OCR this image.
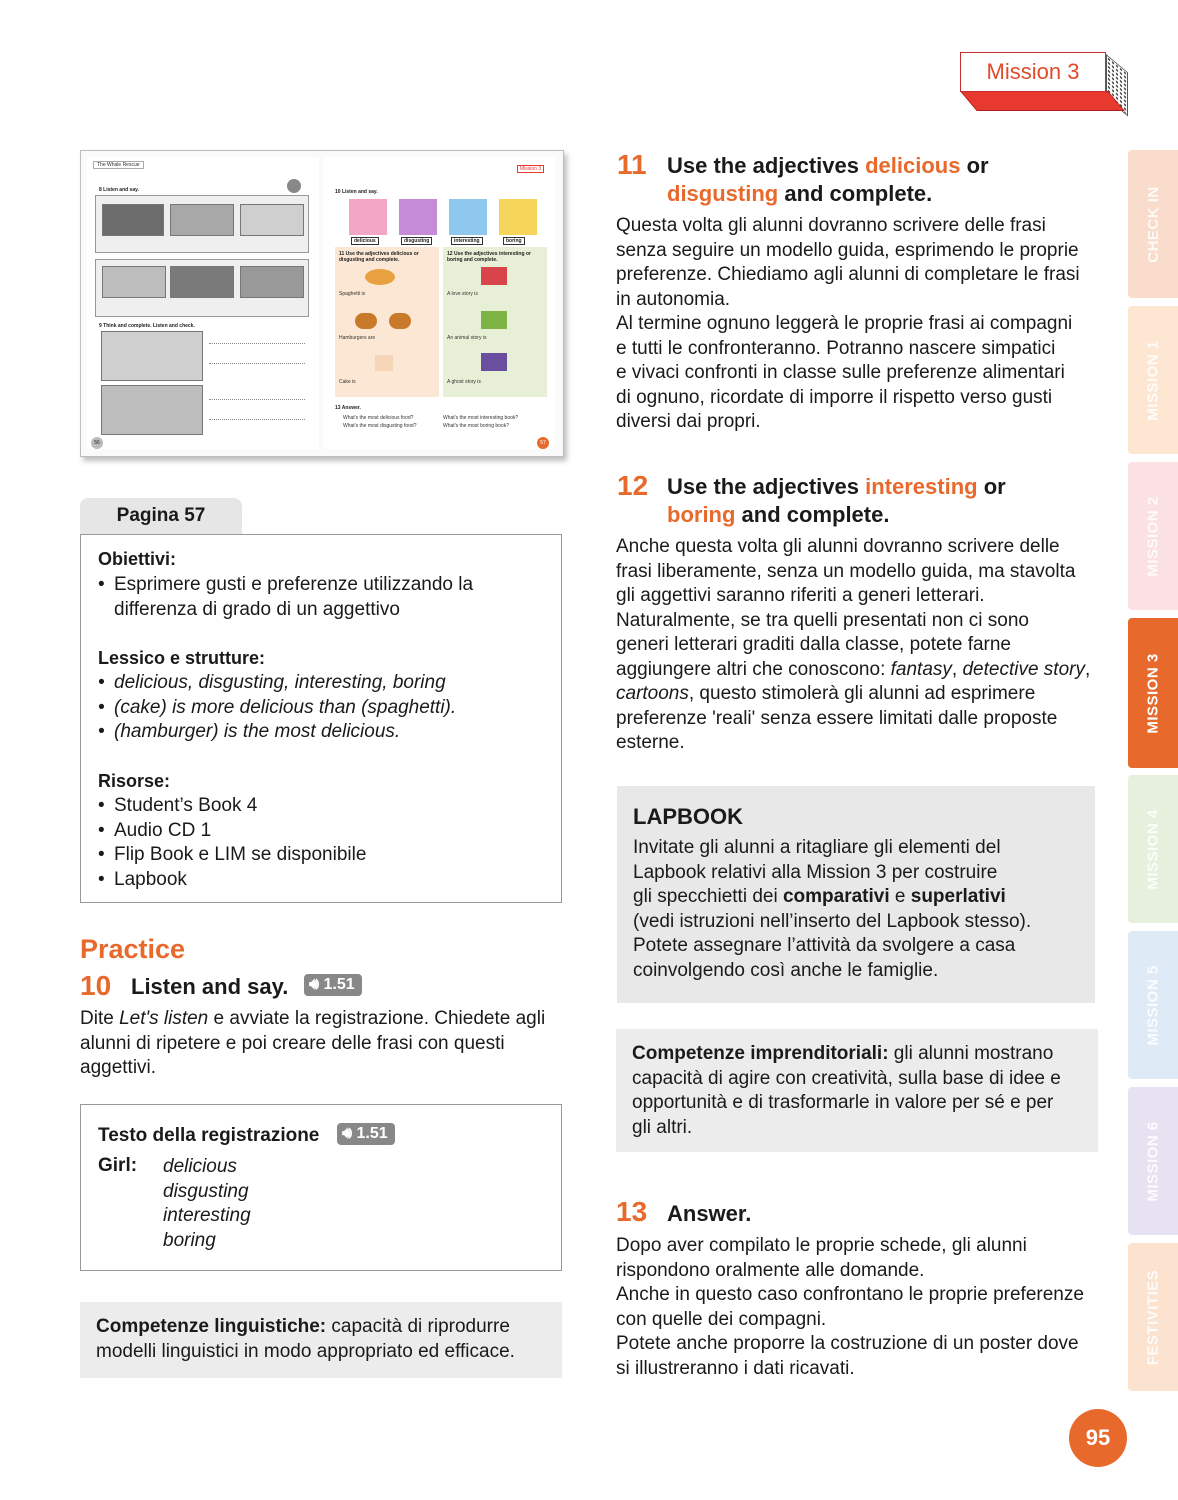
Mission 3
CHECK IN
MISSION 1
MISSION 2
MISSION 3
MISSION 4
MISSION 5
MISSION 6
FESTIVITIES
The Whale Rescue
8 Listen and say.
9 Think and complete. Listen and check.
56
Mission 3
10 Listen and say.
delicious	disgusting	interesting	boring
11 Use the adjectives delicious or disgusting and complete.
Spaghetti is
Hamburgers are
Cake is
12 Use the adjectives interesting or boring and complete.
A love story is
An animal story is
A ghost story is
13 Answer.
What's the most delicious food?
What's the most disgusting food?
What's the most interesting book?
What's the most boring book?
57
Pagina 57
Obiettivi:
• Esprimere gusti e preferenze utilizzando la
differenza di grado di un aggettivo
Lessico e strutture:
• delicious, disgusting, interesting, boring
• (cake) is more delicious than (spaghetti).
• (hamburger) is the most delicious.
Risorse:
• Student’s Book 4
• Audio CD 1
• Flip Book e LIM se disponibile
• Lapbook
Practice
10 Listen and say.	🔊︎ 1.51
Dite Let's listen e avviate la registrazione. Chiedete agli
alunni di ripetere e poi creare delle frasi con questi
aggettivi.
Testo della registrazione	🔊︎ 1.51
Girl: delicious
disgusting
interesting
boring
Competenze linguistiche: capacità di riprodurre
modelli linguistici in modo appropriato ed efficace.
11 Use the adjectives delicious or
disgusting and complete.
Questa volta gli alunni dovranno scrivere delle frasi
senza seguire un modello guida, esprimendo le proprie
preferenze. Chiediamo agli alunni di completare le frasi
in autonomia.
Al termine ognuno leggerà le proprie frasi ai compagni
e tutti le confronteranno. Potranno nascere simpatici
e vivaci confronti in classe sulle preferenze alimentari
di ognuno, ricordate di imporre il rispetto verso gusti
diversi dai propri.
12 Use the adjectives interesting or
boring and complete.
Anche questa volta gli alunni dovranno scrivere delle
frasi liberamente, senza un modello guida, ma stavolta
gli aggettivi saranno riferiti a generi letterari.
Naturalmente, se tra quelli presentati non ci sono
generi letterari graditi dalla classe, potete farne
aggiungere altri che conoscono: fantasy, detective story,
cartoons, questo stimolerà gli alunni ad esprimere
preferenze 'reali' senza essere limitati dalle proposte
esterne.
LAPBOOK
Invitate gli alunni a ritagliare gli elementi del
Lapbook relativi alla Mission 3 per costruire
gli specchietti dei comparativi e superlativi
(vedi istruzioni nell’inserto del Lapbook stesso).
Potete assegnare l’attività da svolgere a casa
coinvolgendo così anche le famiglie.
Competenze imprenditoriali: gli alunni mostrano
capacità di agire con creatività, sulla base di idee e
opportunità e di trasformarle in valore per sé e per
gli altri.
13 Answer.
Dopo aver compilato le proprie schede, gli alunni
rispondono oralmente alle domande.
Anche in questo caso confrontano le proprie preferenze
con quelle dei compagni.
Potete anche proporre la costruzione di un poster dove
si illustreranno i dati ricavati.
95
